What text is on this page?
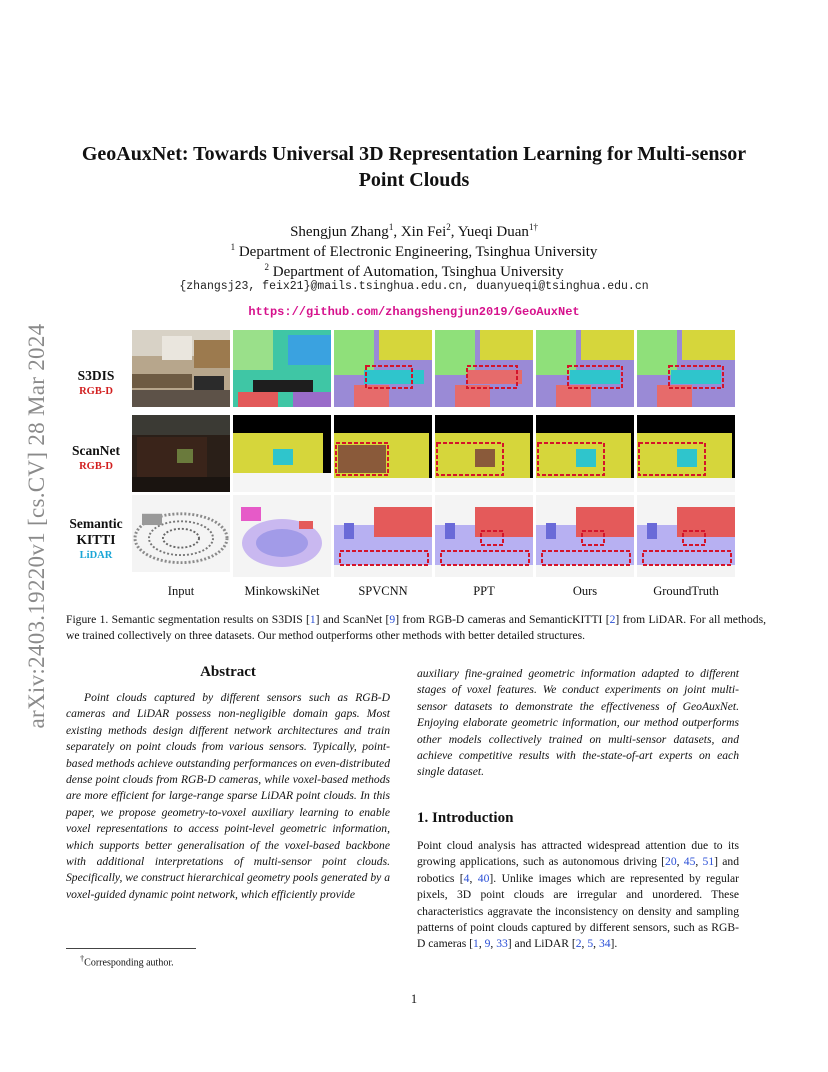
arXiv:2403.19220v1 [cs.CV] 28 Mar 2024
GeoAuxNet: Towards Universal 3D Representation Learning for Multi-sensor Point Clouds
Shengjun Zhang$^1$, Xin Fei$^2$, Yueqi Duan$^{1\dagger}$
$^1$ Department of Electronic Engineering, Tsinghua University
$^2$ Department of Automation, Tsinghua University
{zhangsj23, feix21}@mails.tsinghua.edu.cn, duanyueqi@tsinghua.edu.cn
https://github.com/zhangshengjun2019/GeoAuxNet
S3DIS
RGB-D
ScanNet
RGB-D
Semantic KITTI
LiDAR
Input	MinkowskiNet	SPVCNN	PPT	Ours	GroundTruth
Figure 1. Semantic segmentation results on S3DIS [1] and ScanNet [9] from RGB-D cameras and SemanticKITTI [2] from LiDAR. For all methods, we trained collectively on three datasets. Our method outperforms other methods with better detailed structures.
Abstract
Point clouds captured by different sensors such as RGB-D cameras and LiDAR possess non-negligible domain gaps. Most existing methods design different network architectures and train separately on point clouds from various sensors. Typically, point-based methods achieve outstanding performances on even-distributed dense point clouds from RGB-D cameras, while voxel-based methods are more efficient for large-range sparse LiDAR point clouds. In this paper, we propose geometry-to-voxel auxiliary learning to enable voxel representations to access point-level geometric information, which supports better generalisation of the voxel-based backbone with additional interpretations of multi-sensor point clouds. Specifically, we construct hierarchical geometry pools generated by a voxel-guided dynamic point network, which efficiently provide
auxiliary fine-grained geometric information adapted to different stages of voxel features. We conduct experiments on joint multi-sensor datasets to demonstrate the effectiveness of GeoAuxNet. Enjoying elaborate geometric information, our method outperforms other models collectively trained on multi-sensor datasets, and achieve competitive results with the-state-of-art experts on each single dataset.
1. Introduction
Point cloud analysis has attracted widespread attention due to its growing applications, such as autonomous driving [20, 45, 51] and robotics [4, 40]. Unlike images which are represented by regular pixels, 3D point clouds are irregular and unordered. These characteristics aggravate the inconsistency on density and sampling patterns of point clouds captured by different sensors, such as RGB-D cameras [1, 9, 33] and LiDAR [2, 5, 34].
†Corresponding author.
1
